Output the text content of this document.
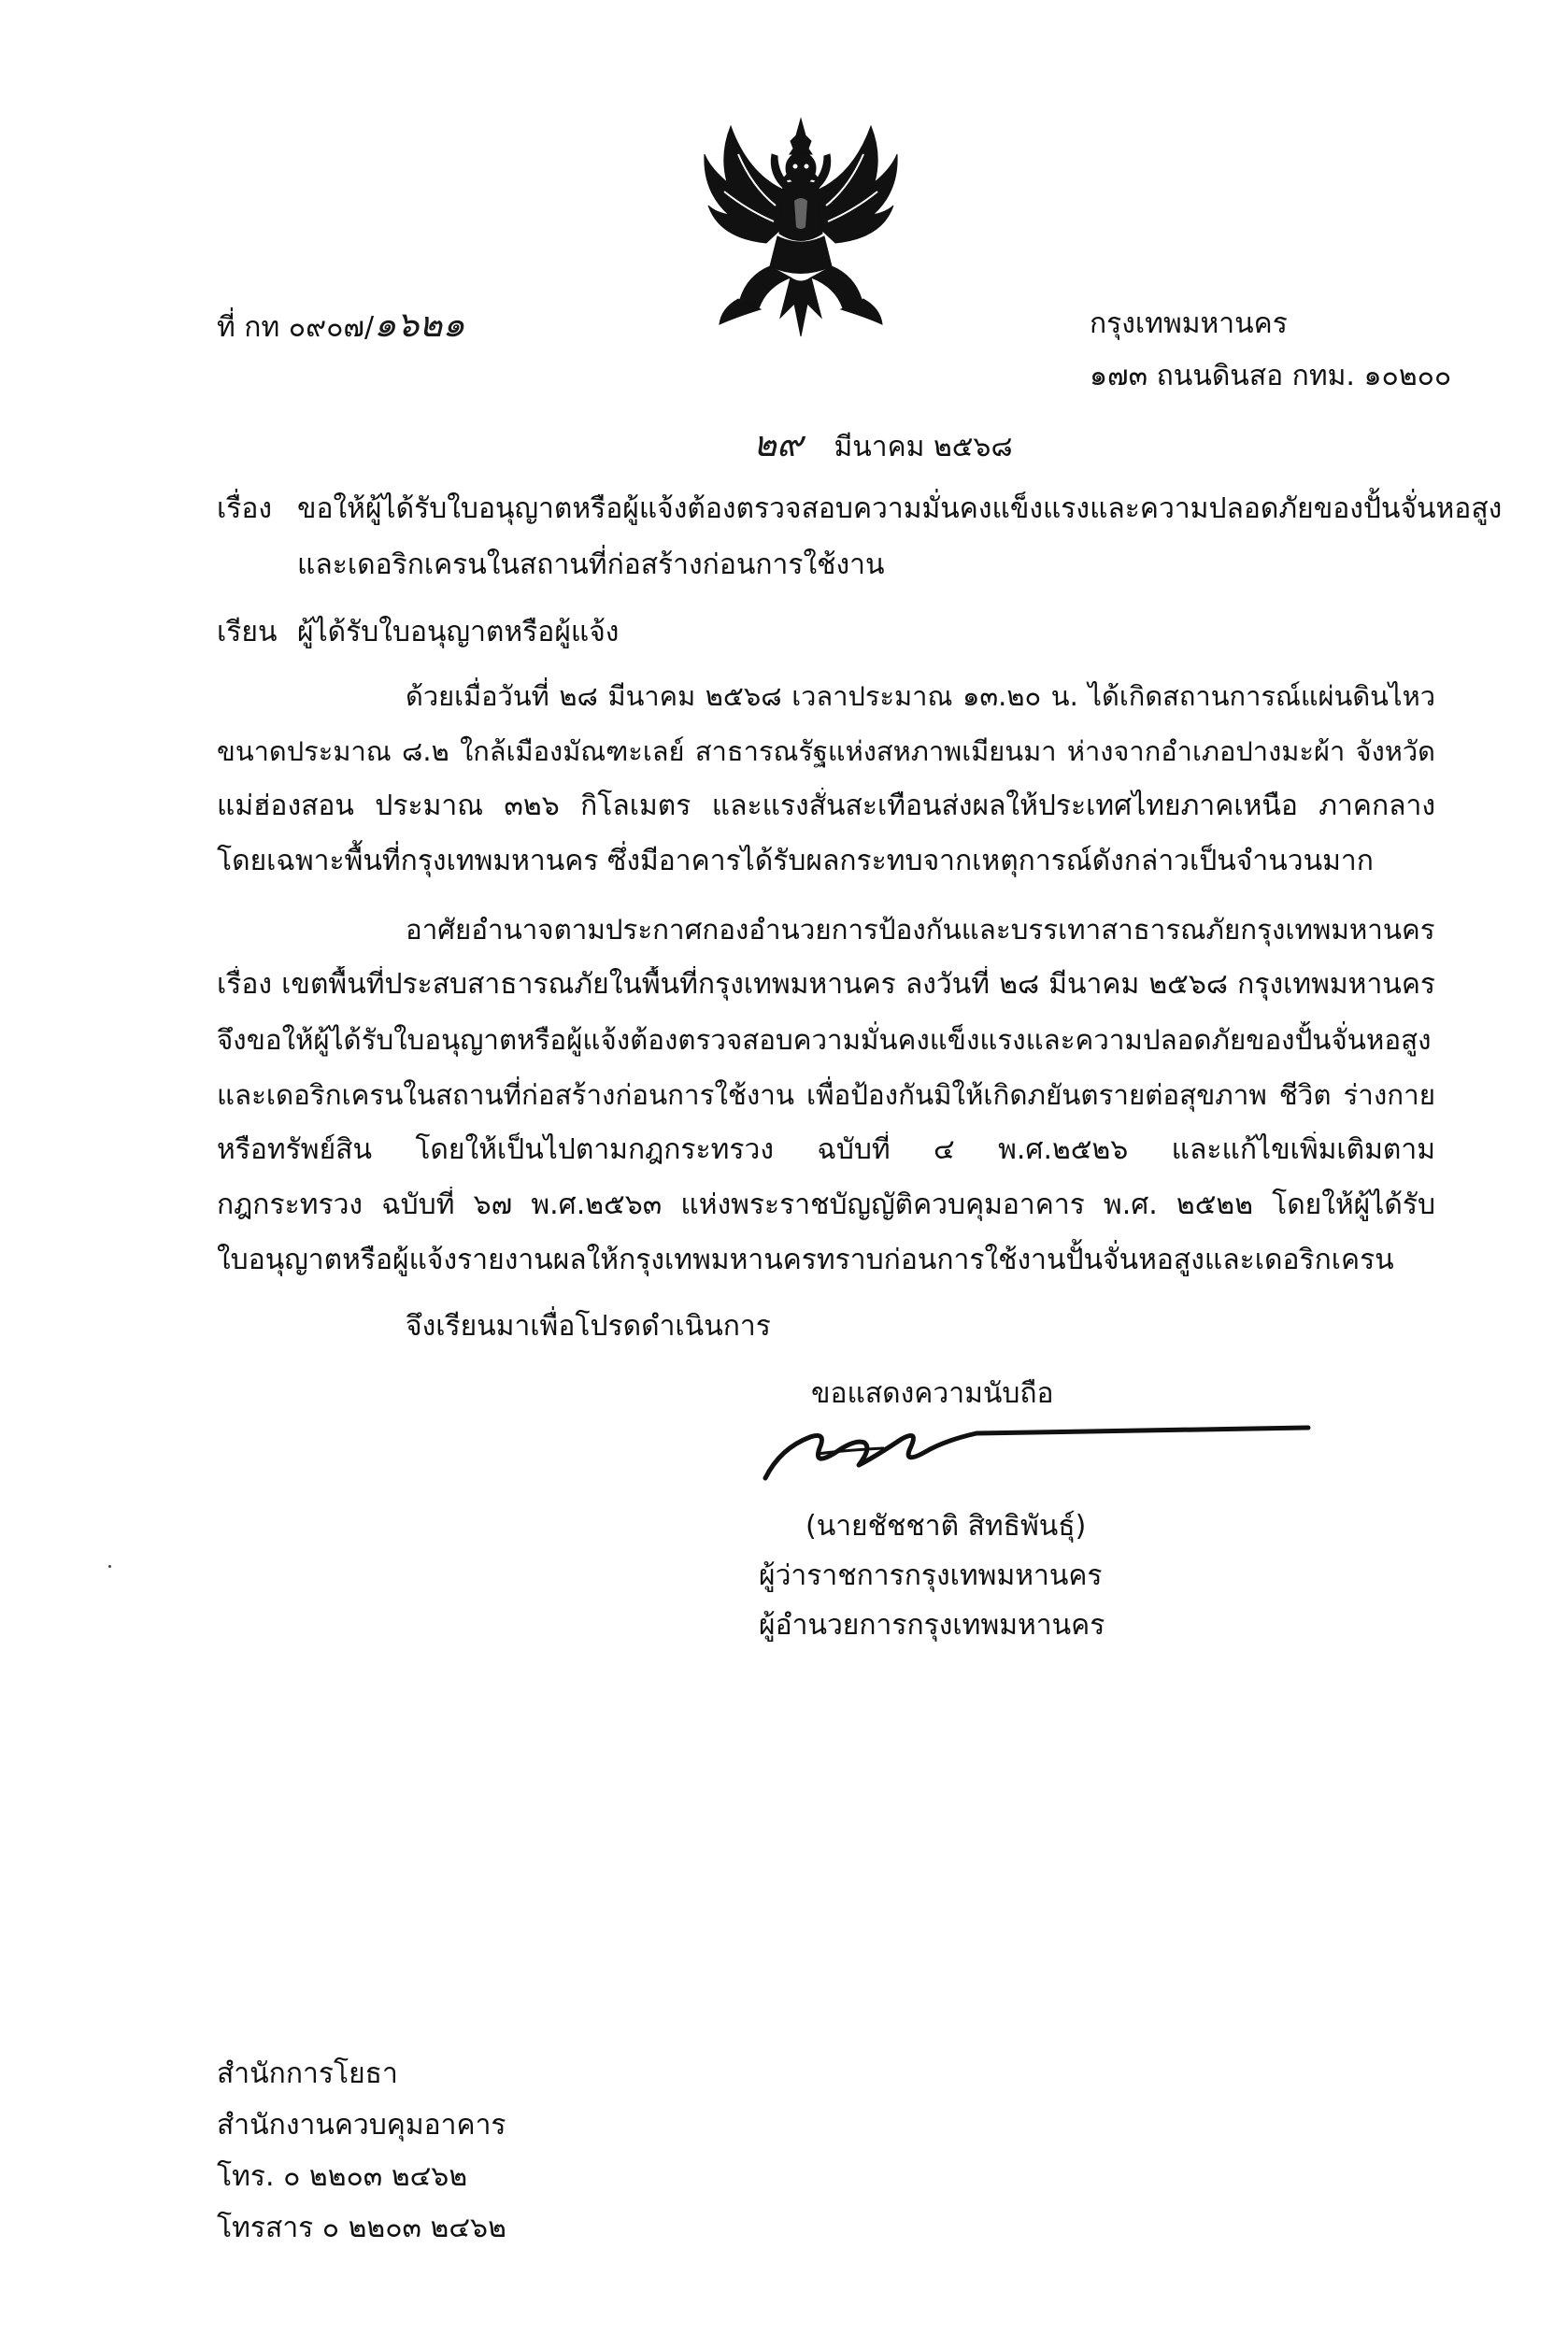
ที่ กท ๐๙๐๗/๑๖๒๑	กรุงเทพมหานคร
๑๗๓ ถนนดินสอ กทม. ๑๐๒๐๐
๒๙ มีนาคม ๒๕๖๘
เรื่อง ขอให้ผู้ได้รับใบอนุญาตหรือผู้แจ้งต้องตรวจสอบความมั่นคงแข็งแรงและความปลอดภัยของปั้นจั่นหอสูง
และเดอริกเครนในสถานที่ก่อสร้างก่อนการใช้งาน
เรียน ผู้ได้รับใบอนุญาตหรือผู้แจ้ง
ด้วยเมื่อวันที่ ๒๘ มีนาคม ๒๕๖๘ เวลาประมาณ ๑๓.๒๐ น. ได้เกิดสถานการณ์แผ่นดินไหว
ขนาดประมาณ ๘.๒ ใกล้เมืองมัณฑะเลย์ สาธารณรัฐแห่งสหภาพเมียนมา ห่างจากอำเภอปางมะผ้า จังหวัด
แม่ฮ่องสอน ประมาณ ๓๒๖ กิโลเมตร และแรงสั่นสะเทือนส่งผลให้ประเทศไทยภาคเหนือ ภาคกลาง
โดยเฉพาะพื้นที่กรุงเทพมหานคร ซึ่งมีอาคารได้รับผลกระทบจากเหตุการณ์ดังกล่าวเป็นจำนวนมาก
อาศัยอำนาจตามประกาศกองอำนวยการป้องกันและบรรเทาสาธารณภัยกรุงเทพมหานคร
เรื่อง เขตพื้นที่ประสบสาธารณภัยในพื้นที่กรุงเทพมหานคร ลงวันที่ ๒๘ มีนาคม ๒๕๖๘ กรุงเทพมหานคร
จึงขอให้ผู้ได้รับใบอนุญาตหรือผู้แจ้งต้องตรวจสอบความมั่นคงแข็งแรงและความปลอดภัยของปั้นจั่นหอสูง
และเดอริกเครนในสถานที่ก่อสร้างก่อนการใช้งาน เพื่อป้องกันมิให้เกิดภยันตรายต่อสุขภาพ ชีวิต ร่างกาย
หรือทรัพย์สิน โดยให้เป็นไปตามกฎกระทรวง ฉบับที่ ๔ พ.ศ.๒๕๒๖ และแก้ไขเพิ่มเติมตาม
กฎกระทรวง ฉบับที่ ๖๗ พ.ศ.๒๕๖๓ แห่งพระราชบัญญัติควบคุมอาคาร พ.ศ. ๒๕๒๒ โดยให้ผู้ได้รับ
ใบอนุญาตหรือผู้แจ้งรายงานผลให้กรุงเทพมหานครทราบก่อนการใช้งานปั้นจั่นหอสูงและเดอริกเครน
จึงเรียนมาเพื่อโปรดดำเนินการ
ขอแสดงความนับถือ
(นายชัชชาติ สิทธิพันธุ์)
ผู้ว่าราชการกรุงเทพมหานคร
ผู้อำนวยการกรุงเทพมหานคร
สำนักการโยธา
สำนักงานควบคุมอาคาร
โทร. ๐ ๒๒๐๓ ๒๔๖๒
โทรสาร ๐ ๒๒๐๓ ๒๔๖๒
